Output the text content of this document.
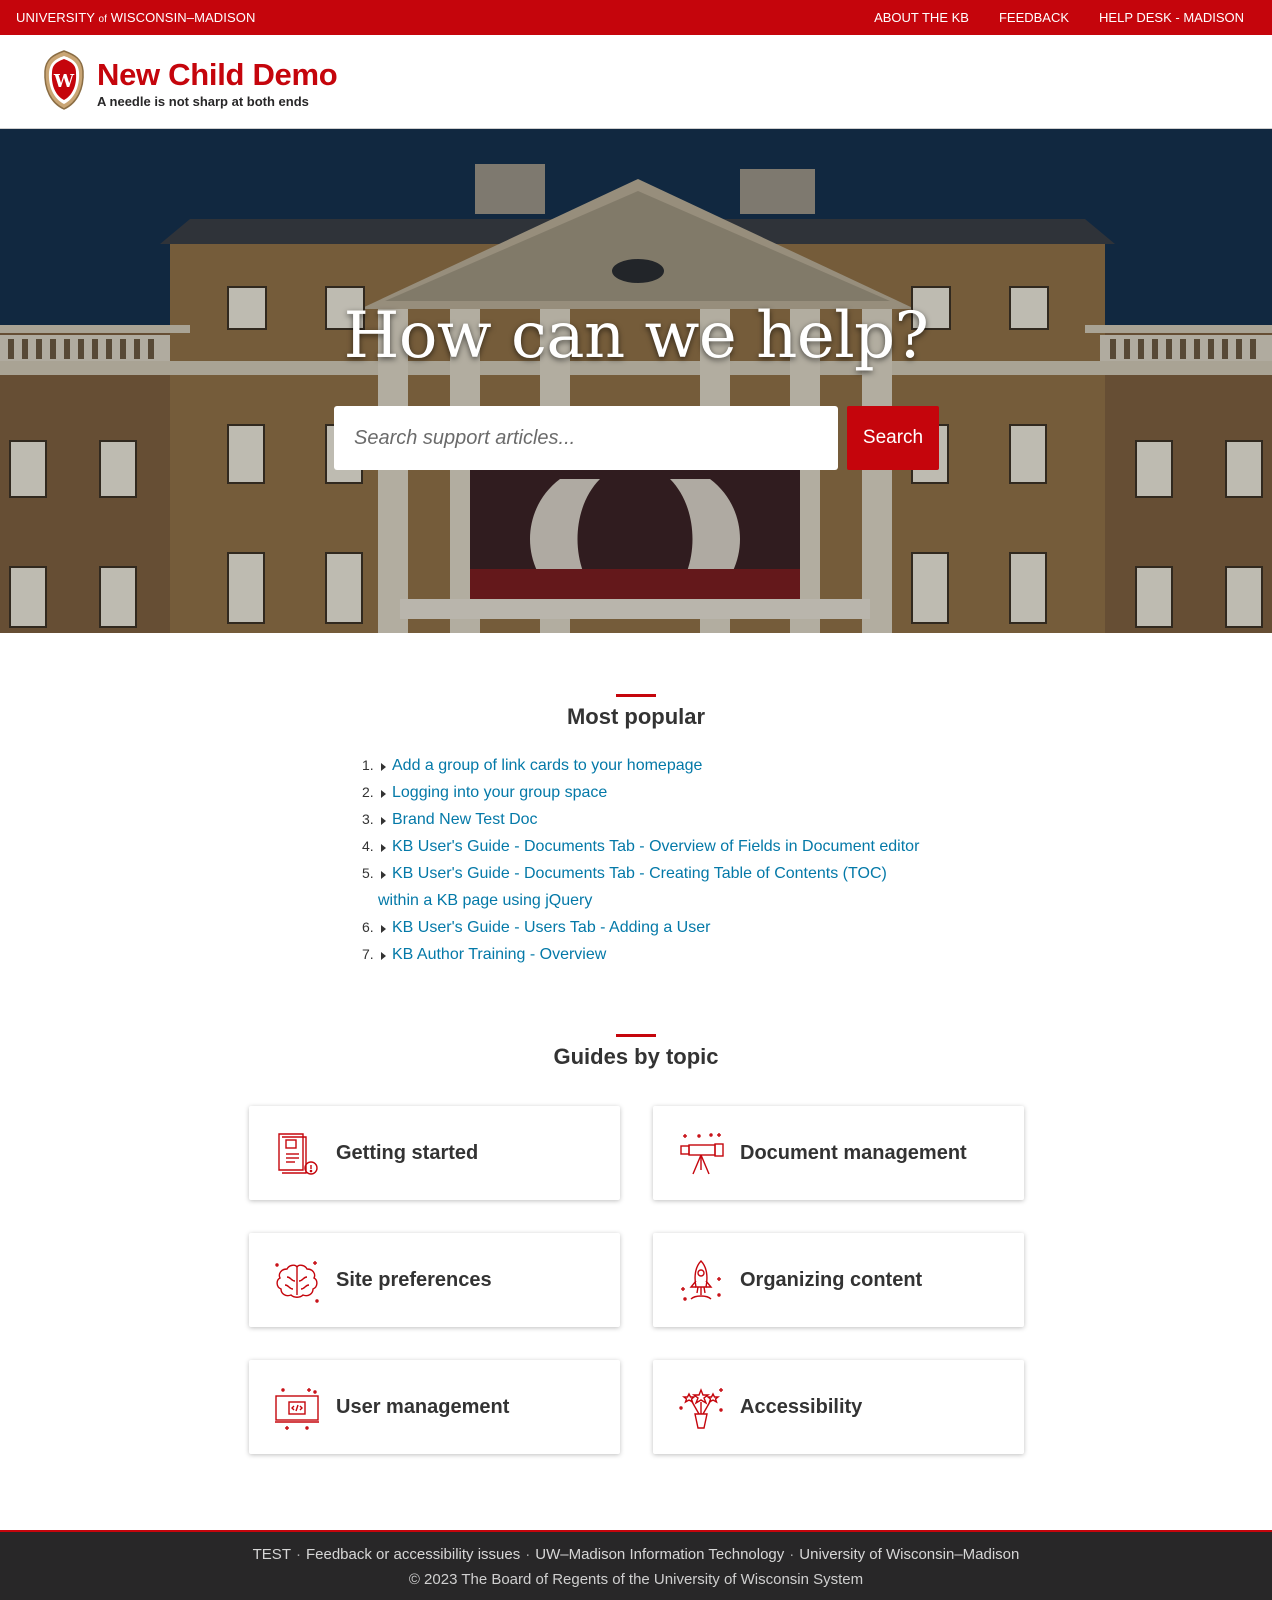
UNIVERSITY of WISCONSIN–MADISON	ABOUT THE KB FEEDBACK HELP DESK - MADISON
W New Child Demo
A needle is not sharp at both ends
How can we help?
Search support articles...
Search
Most popular
1. Add a group of link cards to your homepage
2. Logging into your group space
3. Brand New Test Doc
4. KB User's Guide - Documents Tab - Overview of Fields in Document editor
5. KB User's Guide - Documents Tab - Creating Table of Contents (TOC)
within a KB page using jQuery
6. KB User's Guide - Users Tab - Adding a User
7. KB Author Training - Overview
Guides by topic
Getting started	Document management
Site preferences	Organizing content
User management	Accessibility
TEST · Feedback or accessibility issues · UW–Madison Information Technology · University of Wisconsin–Madison
© 2023 The Board of Regents of the University of Wisconsin System
